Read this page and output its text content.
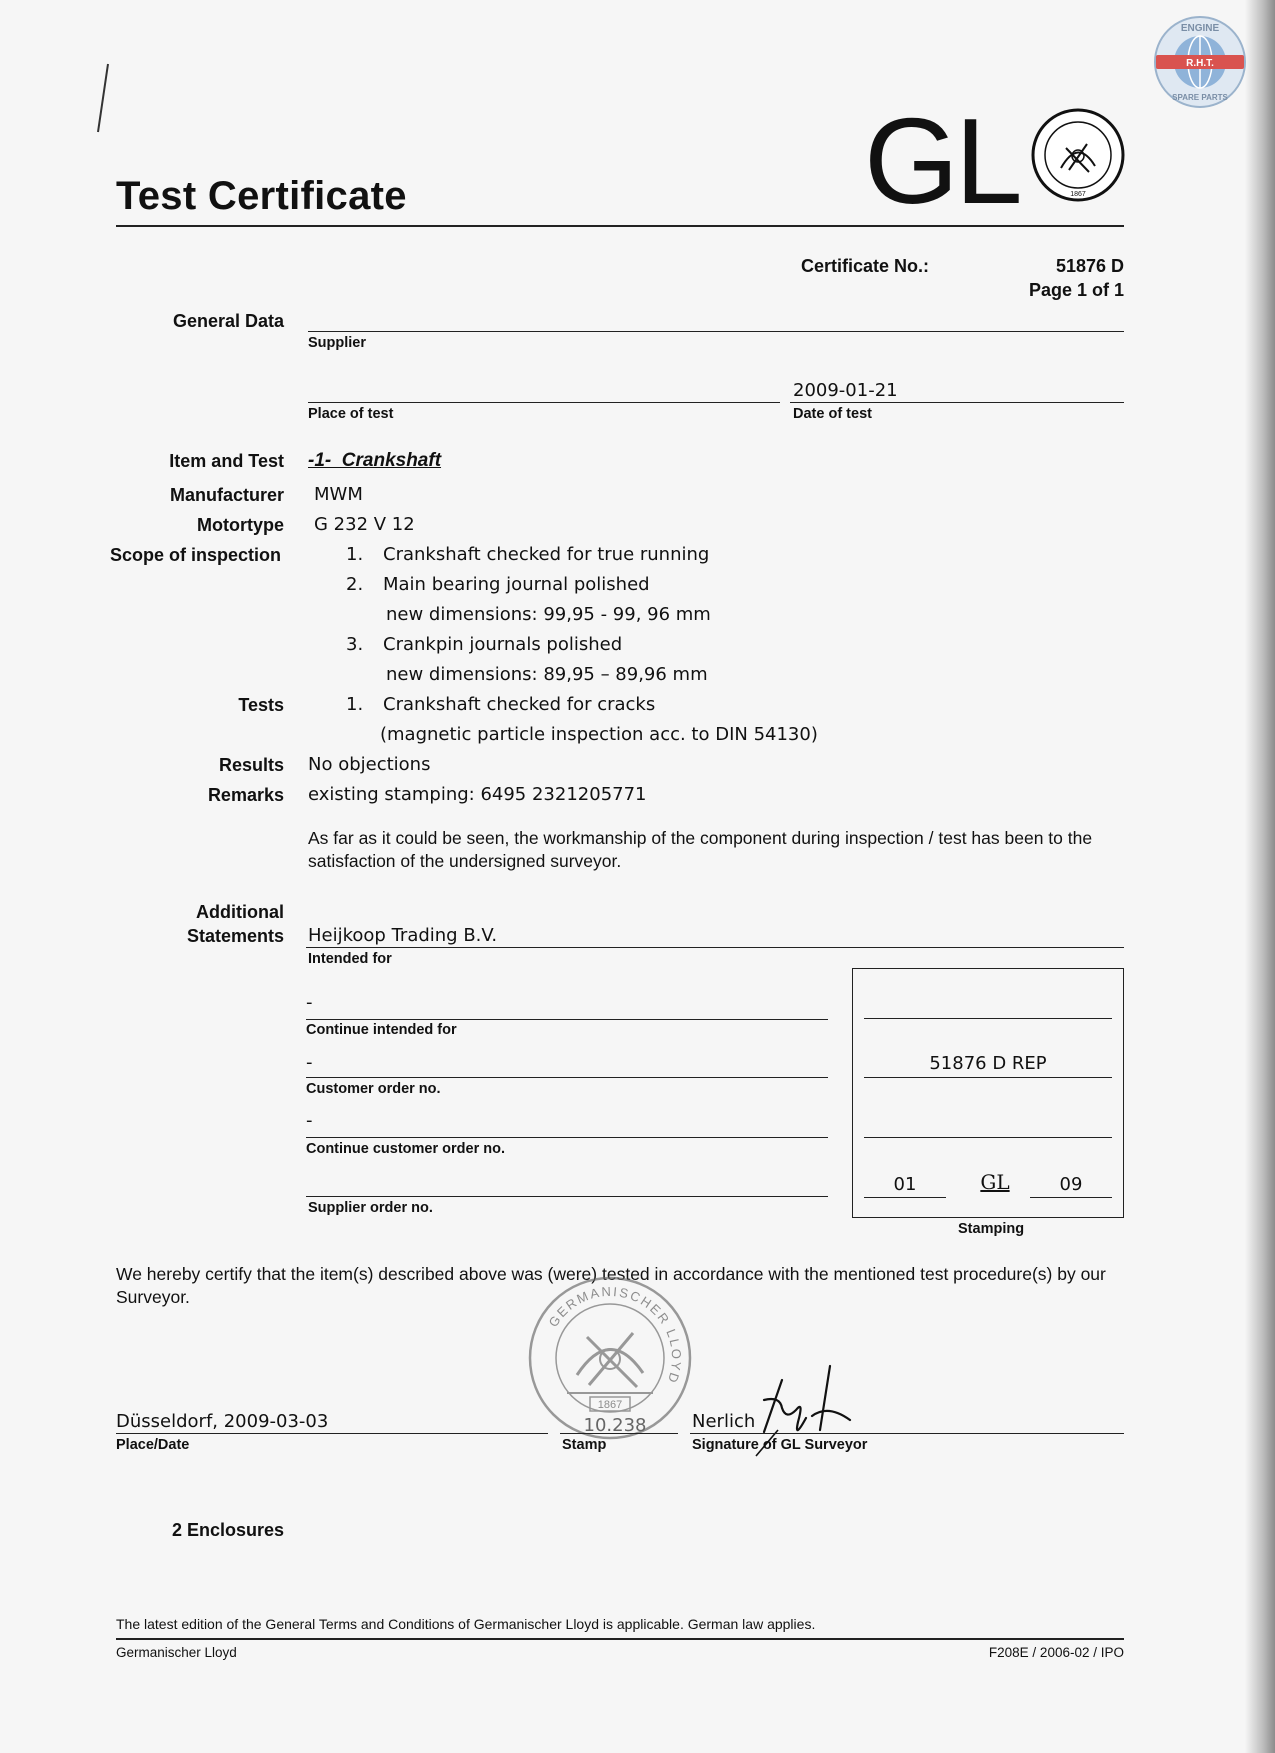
R.H.T.
ENGINE
SPARE PARTS
Test Certificate	GL	1867
Certificate No.:	51876 D
Page 1 of 1
General Data
Supplier
Place of test
2009-01-21
Date of test
Item and Test -1-  Crankshaft
Manufacturer MWM
Motortype G 232 V 12
Scope of inspection	1. Crankshaft checked for true running
2. Main bearing journal polished
new dimensions: 99,95 - 99, 96 mm
3. Crankpin journals polished
new dimensions: 89,95 – 89,96 mm
Tests	1. Crankshaft checked for cracks
(magnetic particle inspection acc. to DIN 54130)
Results No objections
Remarks existing stamping: 6495 2321205771
As far as it could be seen, the workmanship of the component during inspection / test has been to the satisfaction of the undersigned surveyor.
Additional
Statements Heijkoop Trading B.V.
Intended for
-
Continue intended for
-
Customer order no.
-
Continue customer order no.
Supplier order no.
51876 D REP
01	GL	09
Stamping
We hereby certify that the item(s) described above was (were) tested in accordance with the mentioned test procedure(s) by our Surveyor.
GERMANISCHER LLOYD
1867
Düsseldorf, 2009-03-03
Place/Date
10.238
Stamp
Nerlich
Signature of GL Surveyor
2 Enclosures
The latest edition of the General Terms and Conditions of Germanischer Lloyd is applicable. German law applies.
Germanischer Lloyd	F208E / 2006-02 / IPO
